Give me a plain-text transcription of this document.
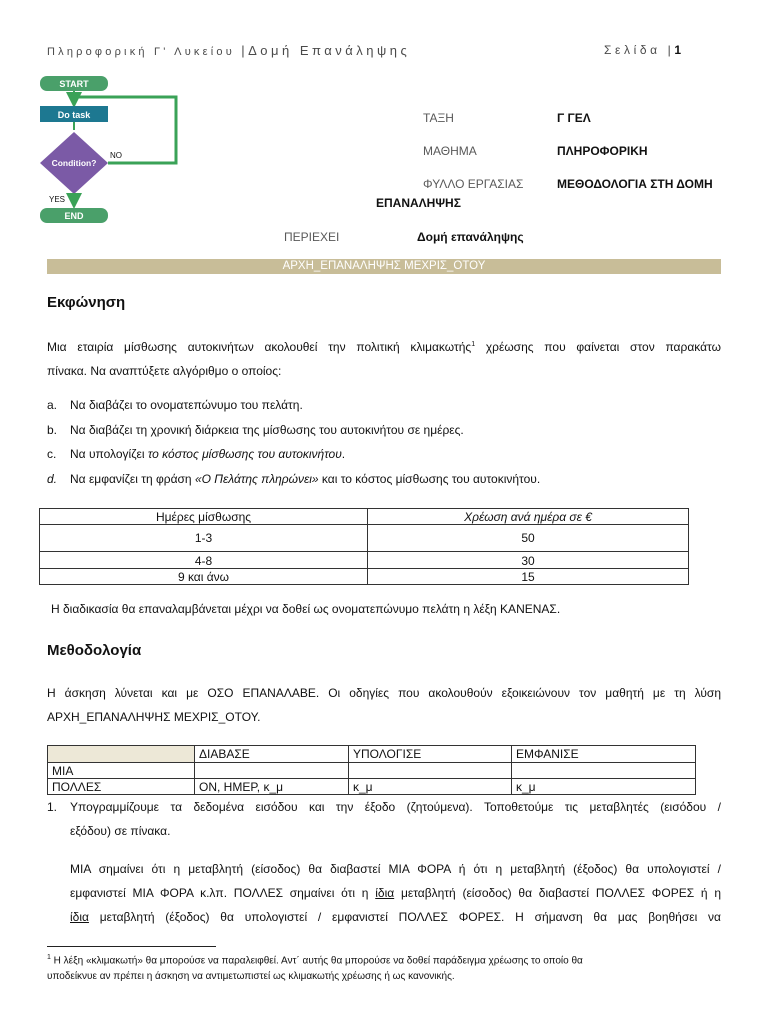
Πληροφορική Γ' Λυκείου |Δομή Επανάληψης	Σελίδα |1
START
Do task
Condition?
NO
YES
END
ΤΑΞΗ	Γ ΓΕΛ
ΜΑΘΗΜΑ	ΠΛΗΡΟΦΟΡΙΚΗ
ΦΥΛΛΟ ΕΡΓΑΣΙΑΣ	ΜΕΘΟΔΟΛΟΓΙΑ ΣΤΗ ΔΟΜΗ
ΕΠΑΝΑΛΗΨΗΣ
ΠΕΡΙΕΧΕΙ	Δομή επανάληψης
ΑΡΧΗ_ΕΠΑΝΑΛΗΨΗΣ ΜΕΧΡΙΣ_ΟΤΟΥ
Εκφώνηση
Μια εταιρία μίσθωσης αυτοκινήτων ακολουθεί την πολιτική κλιμακωτής$^1$ χρέωσης που φαίνεται στον παρακάτω
πίνακα. Να αναπτύξετε αλγόριθμο ο οποίος:
a. Να διαβάζει το ονοματεπώνυμο του πελάτη.
b. Να διαβάζει τη χρονική διάρκεια της μίσθωσης του αυτοκινήτου σε ημέρες.
c. Να υπολογίζει το κόστος μίσθωσης του αυτοκινήτου.
d. Να εμφανίζει τη φράση «Ο Πελάτης πληρώνει» και το κόστος μίσθωσης του αυτοκινήτου.
Ημέρες μίσθωσης	Χρέωση ανά ημέρα σε €
1-3	50
4-8	30
9 και άνω	15
Η διαδικασία θα επαναλαμβάνεται μέχρι να δοθεί ως ονοματεπώνυμο πελάτη η λέξη ΚΑΝΕΝΑΣ.
Μεθοδολογία
Η άσκηση λύνεται και με ΟΣΟ ΕΠΑΝΑΛΑΒΕ. Οι οδηγίες που ακολουθούν εξοικειώνουν τον μαθητή με τη λύση
ΑΡΧΗ_ΕΠΑΝΑΛΗΨΗΣ ΜΕΧΡΙΣ_ΟΤΟΥ.
	ΔΙΑΒΑΣΕ	ΥΠΟΛΟΓΙΣΕ	ΕΜΦΑΝΙΣΕ
ΜΙΑ			
ΠΟΛΛΕΣ	ΟΝ, ΗΜΕΡ, κ_μ	κ_μ	κ_μ
1. Υπογραμμίζουμε τα δεδομένα εισόδου και την έξοδο (ζητούμενα). Τοποθετούμε τις μεταβλητές (εισόδου /
εξόδου) σε πίνακα.
ΜΙΑ σημαίνει ότι η μεταβλητή (είσοδος) θα διαβαστεί ΜΙΑ ΦΟΡΑ ή ότι η μεταβλητή (έξοδος) θα υπολογιστεί /
εμφανιστεί ΜΙΑ ΦΟΡΑ κ.λπ. ΠΟΛΛΕΣ σημαίνει ότι η ίδια μεταβλητή (είσοδος) θα διαβαστεί ΠΟΛΛΕΣ ΦΟΡΕΣ ή η
ίδια μεταβλητή (έξοδος) θα υπολογιστεί / εμφανιστεί ΠΟΛΛΕΣ ΦΟΡΕΣ. Η σήμανση θα μας βοηθήσει να
$^1$ Η λέξη «κλιμακωτή» θα μπορούσε να παραλειφθεί. Αντ΄ αυτής θα μπορούσε να δοθεί παράδειγμα χρέωσης το οποίο θα
υποδείκνυε αν πρέπει η άσκηση να αντιμετωπιστεί ως κλιμακωτής χρέωσης ή ως κανονικής.
